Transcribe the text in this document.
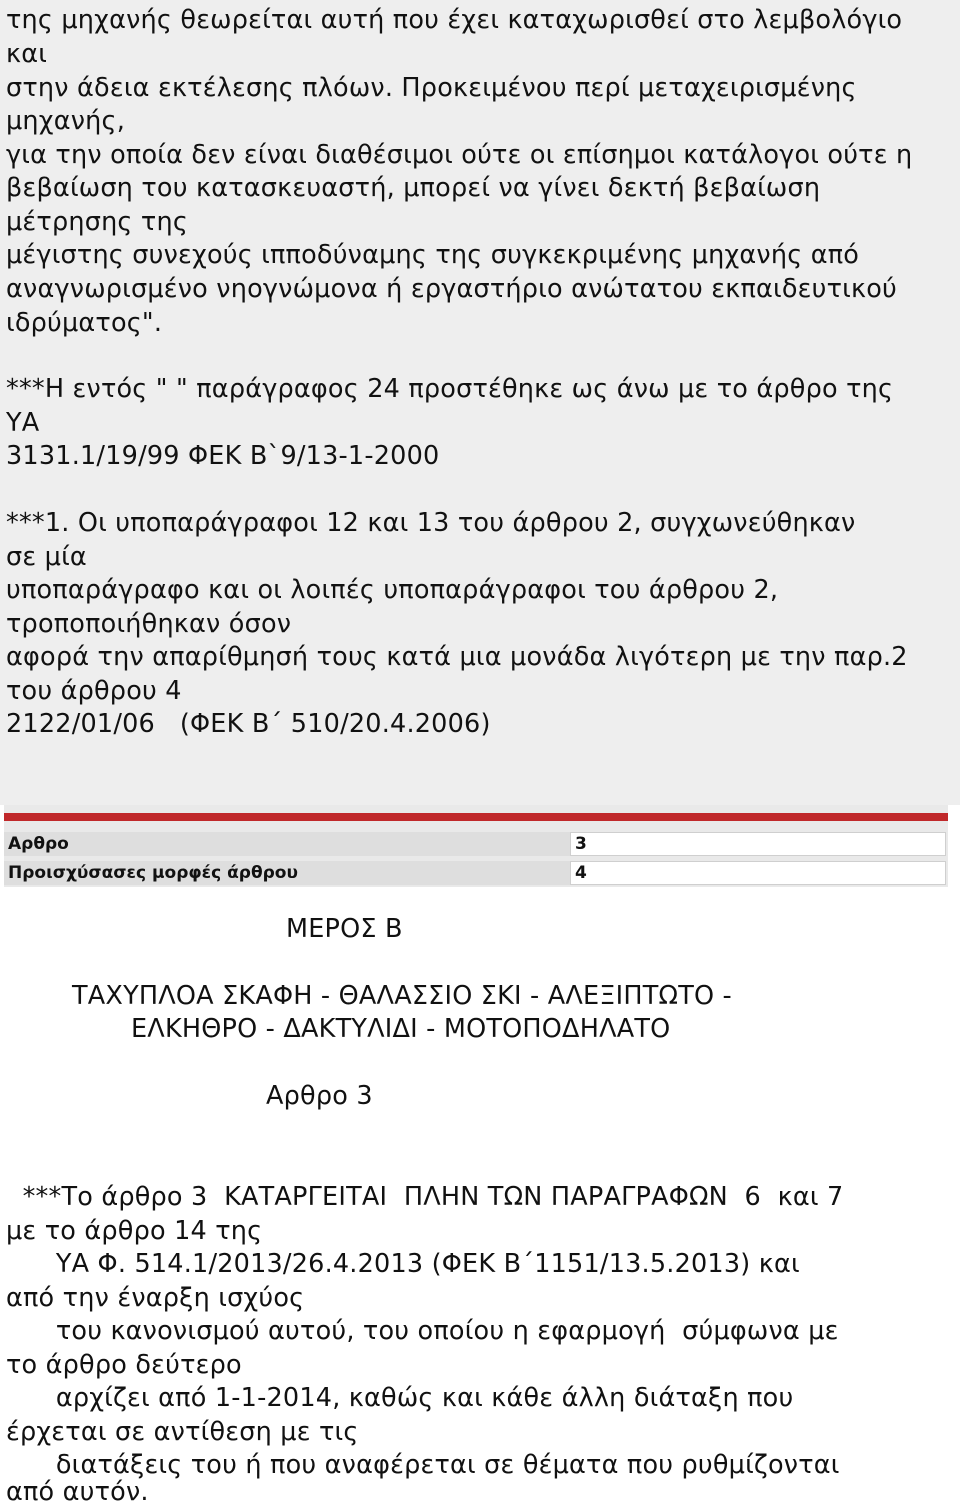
της μηχανής θεωρείται αυτή που έχει καταχωρισθεί στο λεμβολόγιο
και
στην άδεια εκτέλεσης πλόων. Προκειμένου περί μεταχειρισμένης
μηχανής,
για την οποία δεν είναι διαθέσιμοι ούτε οι επίσημοι κατάλογοι ούτε η
βεβαίωση του κατασκευαστή, μπορεί να γίνει δεκτή βεβαίωση
μέτρησης της
μέγιστης συνεχούς ιπποδύναμης της συγκεκριμένης μηχανής από
αναγνωρισμένο νηογνώμονα ή εργαστήριο ανώτατου εκπαιδευτικού
ιδρύματος".
***Η εντός " " παράγραφος 24 προστέθηκε ως άνω με το άρθρο της
ΥΑ
3131.1/19/99 ΦΕΚ Β`9/13-1-2000
***1. Οι υποπαράγραφοι 12 και 13 του άρθρου 2, συγχωνεύθηκαν
σε μία
υποπαράγραφο και οι λοιπές υποπαράγραφοι του άρθρου 2,
τροποποιήθηκαν όσον
αφορά την απαρίθμησή τους κατά μια μονάδα λιγότερη με την παρ.2
του άρθρου 4
2122/01/06   (ΦΕΚ Β΄ 510/20.4.2006)
Αρθρο	3
Προισχύσασες μορφές άρθρου	4
ΜΕΡΟΣ Β
ΤΑΧΥΠΛΟΑ ΣΚΑΦΗ - ΘΑΛΑΣΣΙΟ ΣΚΙ - ΑΛΕΞΙΠΤΩΤΟ -
ΕΛΚΗΘΡΟ - ΔΑΚΤΥΛΙΔΙ - ΜΟΤΟΠΟΔΗΛΑΤΟ
Αρθρο 3
***Το άρθρο 3  ΚΑΤΑΡΓΕΙΤΑΙ  ΠΛΗΝ ΤΩΝ ΠΑΡΑΓΡΑΦΩΝ  6  και 7
με το άρθρο 14 της
ΥΑ Φ. 514.1/2013/26.4.2013 (ΦΕΚ Β΄1151/13.5.2013) και
από την έναρξη ισχύος
του κανονισμού αυτού, του οποίου η εφαρμογή  σύμφωνα με
το άρθρο δεύτερο
αρχίζει από 1-1-2014, καθώς και κάθε άλλη διάταξη που
έρχεται σε αντίθεση με τις
διατάξεις του ή που αναφέρεται σε θέματα που ρυθμίζονται
από αυτόν.
